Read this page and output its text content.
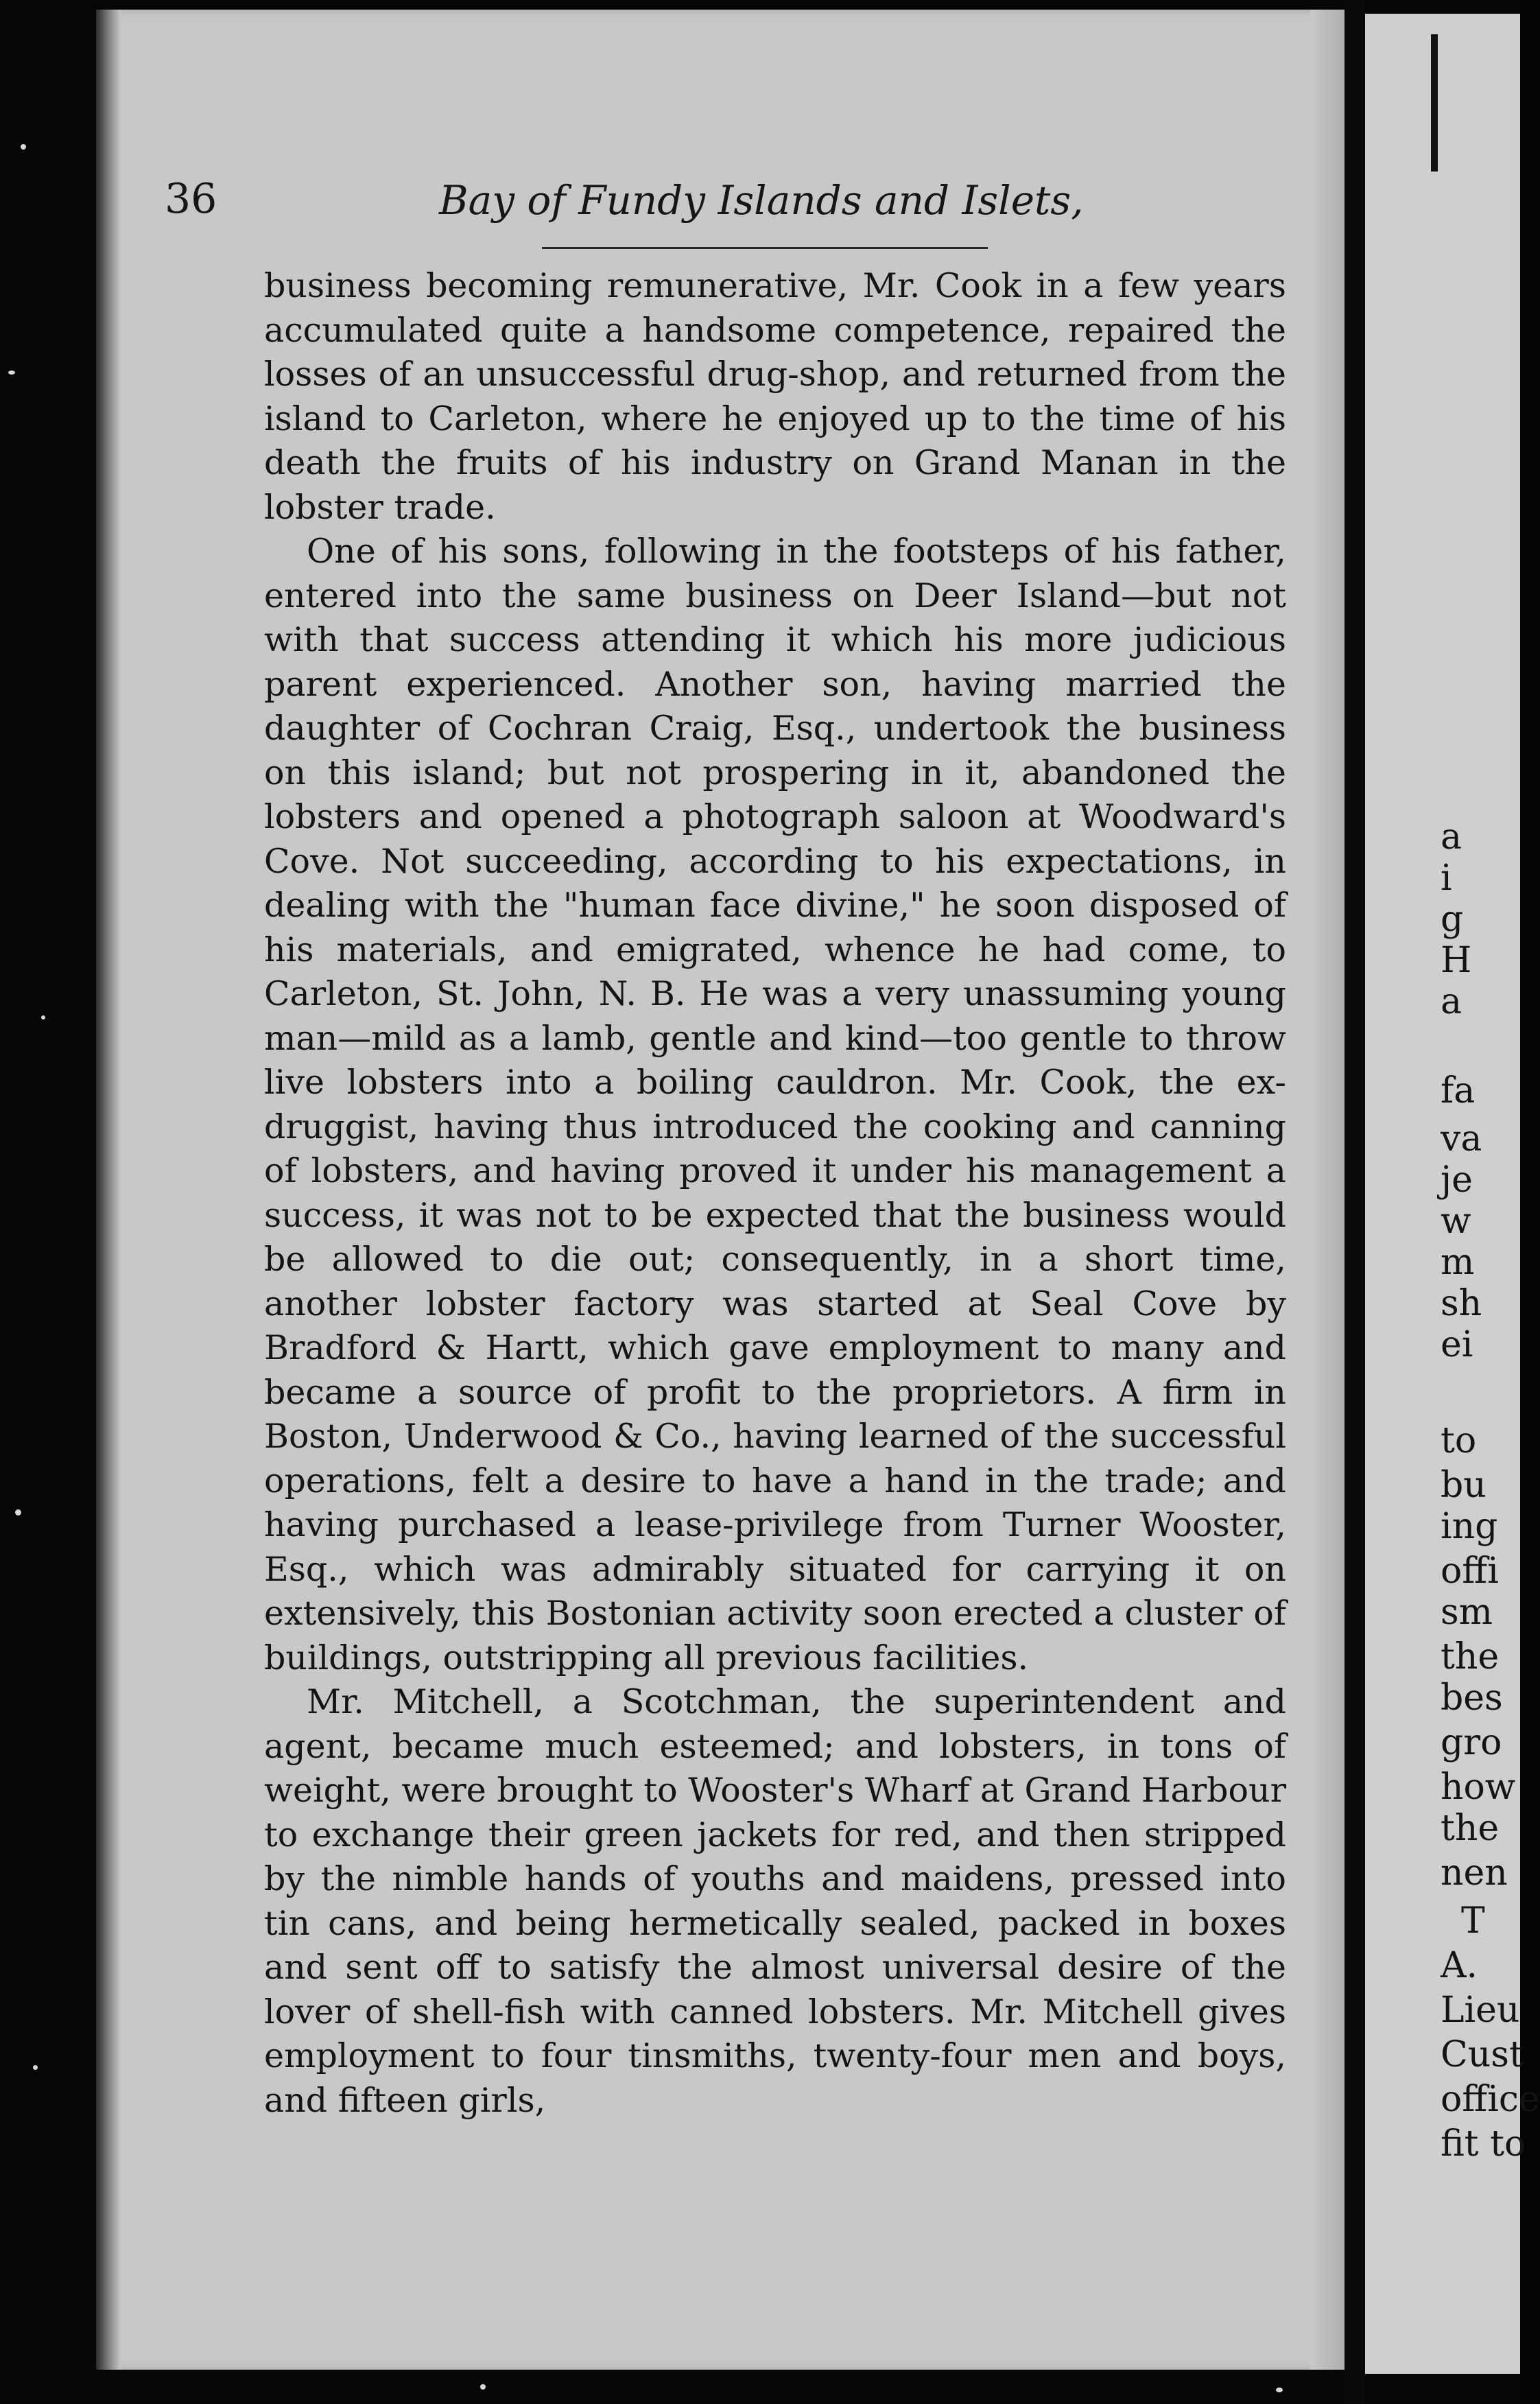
a
i
g
H
a
fa
va
je
w
m
sh
ei
to
bu
ing
offi
sm
the
bes
gro
how
the
nen
T
A.
Lieu
Cust
office
fit to
36	Bay of Fundy Islands and Islets,

business becoming remunerative, Mr. Cook in a few years accumulated quite a handsome competence, repaired the losses of an unsuccessful drug-shop, and returned from the island to Carleton, where he enjoyed up to the time of his death the fruits of his industry on Grand Manan in the lobster trade.

One of his sons, following in the footsteps of his father, entered into the same business on Deer Island—but not with that success attending it which his more judicious parent experienced. Another son, having married the daughter of Cochran Craig, Esq., undertook the business on this island; but not prospering in it, abandoned the lobsters and opened a photograph saloon at Woodward's Cove. Not succeeding, according to his expectations, in dealing with the "human face divine," he soon disposed of his materials, and emigrated, whence he had come, to Carleton, St. John, N. B. He was a very unassuming young man—mild as a lamb, gentle and kind—too gentle to throw live lobsters into a boiling cauldron. Mr. Cook, the ex-druggist, having thus introduced the cooking and canning of lobsters, and having proved it under his management a success, it was not to be expected that the business would be allowed to die out; consequently, in a short time, another lobster factory was started at Seal Cove by Bradford & Hartt, which gave employment to many and became a source of profit to the proprietors. A firm in Boston, Underwood & Co., having learned of the successful operations, felt a desire to have a hand in the trade; and having purchased a lease-privilege from Turner Wooster, Esq., which was admirably situated for carrying it on extensively, this Bostonian activity soon erected a cluster of buildings, outstripping all previous facilities.

Mr. Mitchell, a Scotchman, the superintendent and agent, became much esteemed; and lobsters, in tons of weight, were brought to Wooster's Wharf at Grand Harbour to exchange their green jackets for red, and then stripped by the nimble hands of youths and maidens, pressed into tin cans, and being hermetically sealed, packed in boxes and sent off to satisfy the almost universal desire of the lover of shell-fish with canned lobsters. Mr. Mitchell gives employment to four tinsmiths, twenty-four men and boys, and fifteen girls,
